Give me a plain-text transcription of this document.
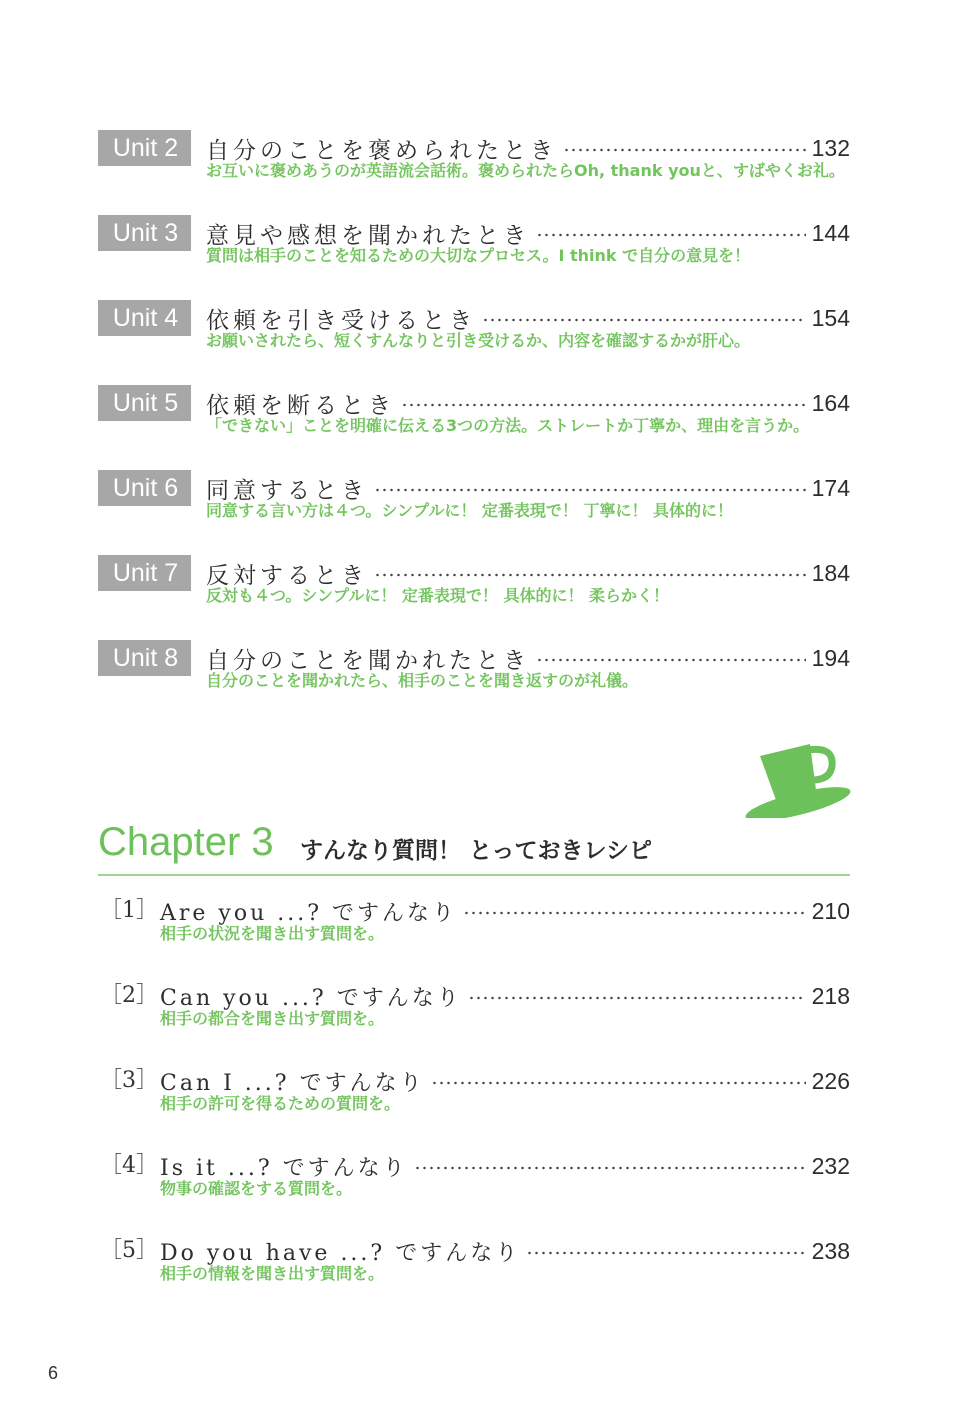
Unit 2	自分のことを褒められたとき	132
お互いに褒めあうのが英語流会話術。褒められたらOh, thank youと、すばやくお礼。
Unit 3	意見や感想を聞かれたとき	144
質問は相手のことを知るための大切なプロセス。I think で自分の意見を！
Unit 4	依頼を引き受けるとき	154
お願いされたら、短くすんなりと引き受けるか、内容を確認するかが肝心。
Unit 5	依頼を断るとき	164
「できない」ことを明確に伝える3つの方法。ストレートか丁寧か、理由を言うか。
Unit 6	同意するとき	174
同意する言い方は４つ。シンプルに！ 定番表現で！ 丁寧に！ 具体的に！
Unit 7	反対するとき	184
反対も４つ。シンプルに！ 定番表現で！ 具体的に！ 柔らかく！
Unit 8	自分のことを聞かれたとき	194
自分のことを聞かれたら、相手のことを聞き返すのが礼儀。
Chapter 3 すんなり質問！ とっておきレシピ
［1］ Are you ...? ですんなり	210
相手の状況を聞き出す質問を。
［2］ Can you ...? ですんなり	218
相手の都合を聞き出す質問を。
［3］ Can I ...? ですんなり	226
相手の許可を得るための質問を。
［4］ Is it ...? ですんなり	232
物事の確認をする質問を。
［5］ Do you have ...? ですんなり	238
相手の情報を聞き出す質問を。
6
